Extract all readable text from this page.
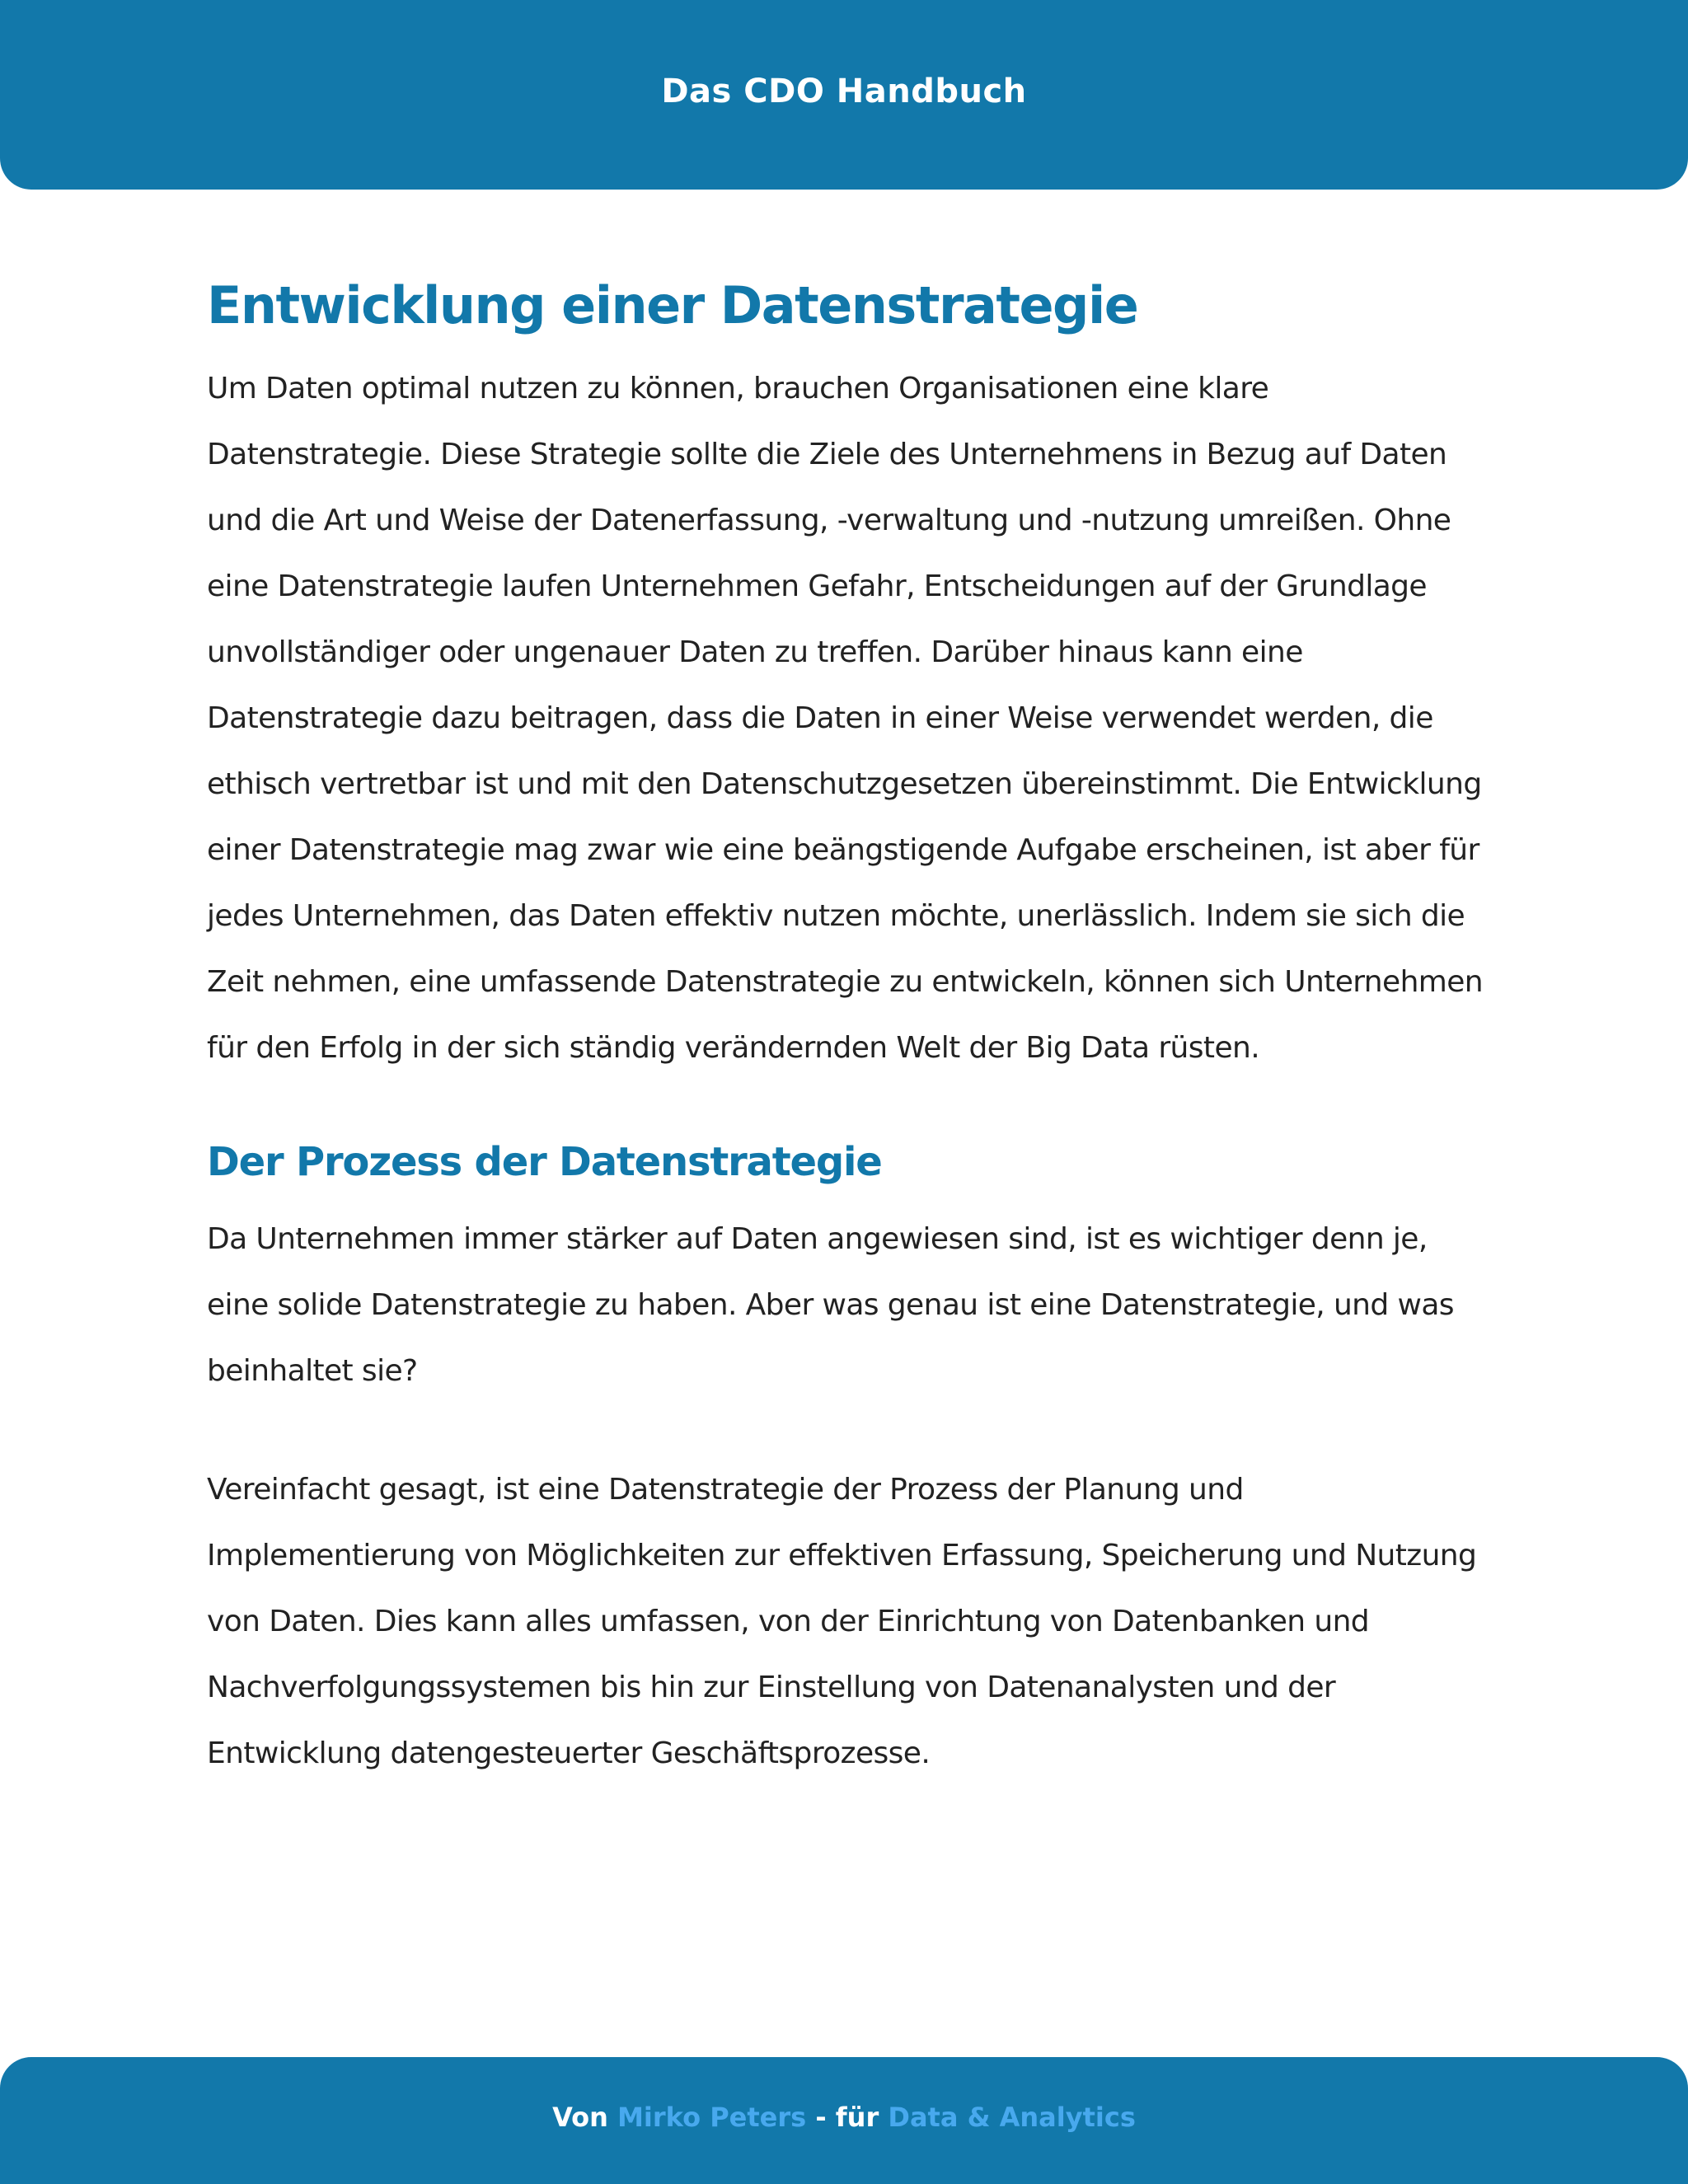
Das CDO Handbuch
Entwicklung einer Datenstrategie

Um Daten optimal nutzen zu können, brauchen Organisationen eine klare Datenstrategie. Diese Strategie sollte die Ziele des Unternehmens in Bezug auf Daten und die Art und Weise der Datenerfassung, -verwaltung und -nutzung umreißen. Ohne eine Datenstrategie laufen Unternehmen Gefahr, Entscheidungen auf der Grundlage unvollständiger oder ungenauer Daten zu treffen. Darüber hinaus kann eine Datenstrategie dazu beitragen, dass die Daten in einer Weise verwendet werden, die ethisch vertretbar ist und mit den Datenschutzgesetzen übereinstimmt. Die Entwicklung einer Datenstrategie mag zwar wie eine beängstigende Aufgabe erscheinen, ist aber für jedes Unternehmen, das Daten effektiv nutzen möchte, unerlässlich. Indem sie sich die Zeit nehmen, eine umfassende Datenstrategie zu entwickeln, können sich Unternehmen für den Erfolg in der sich ständig verändernden Welt der Big Data rüsten.

Der Prozess der Datenstrategie

Da Unternehmen immer stärker auf Daten angewiesen sind, ist es wichtiger denn je, eine solide Datenstrategie zu haben. Aber was genau ist eine Datenstrategie, und was beinhaltet sie?

Vereinfacht gesagt, ist eine Datenstrategie der Prozess der Planung und Implementierung von Möglichkeiten zur effektiven Erfassung, Speicherung und Nutzung von Daten. Dies kann alles umfassen, von der Einrichtung von Datenbanken und Nachverfolgungssystemen bis hin zur Einstellung von Datenanalysten und der Entwicklung datengesteuerter Geschäftsprozesse.

Von Mirko Peters - für Data & Analytics
